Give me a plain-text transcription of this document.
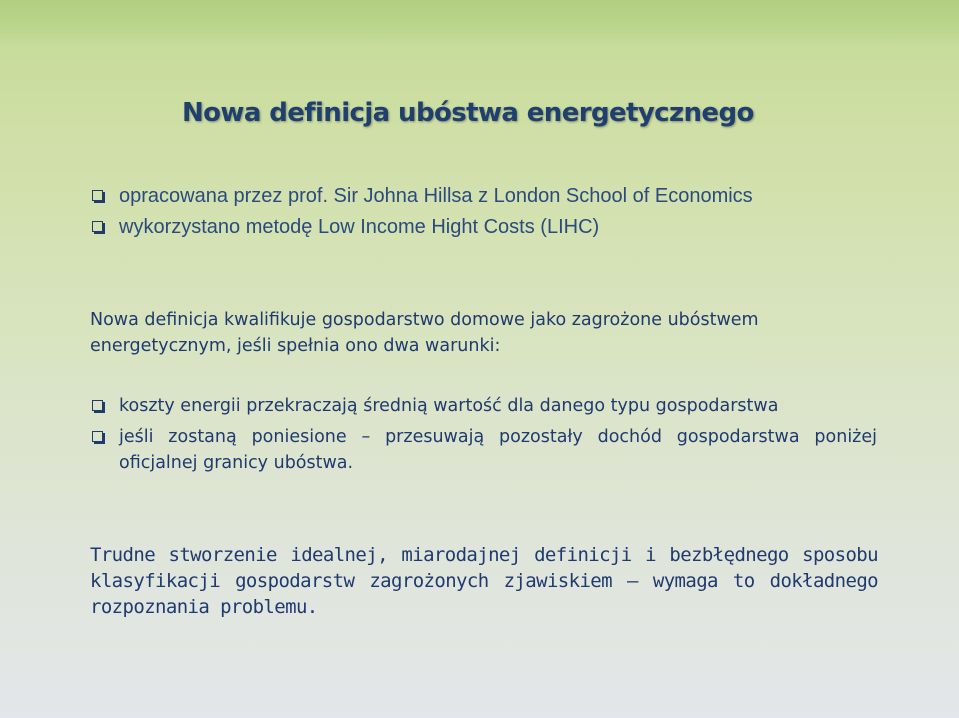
Nowa definicja ubóstwa energetycznego
opracowana przez prof. Sir Johna Hillsa z London School of Economics
wykorzystano metodę Low Income Hight Costs (LIHC)

Nowa definicja kwalifikuje gospodarstwo domowe jako zagrożone ubóstwem energetycznym, jeśli spełnia ono dwa warunki:

koszty energii przekraczają średnią wartość dla danego typu gospodarstwa
jeśli zostaną poniesione – przesuwają pozostały dochód gospodarstwa poniżej oficjalnej granicy ubóstwa.

Trudne stworzenie idealnej, miarodajnej definicji i bezbłędnego sposobu klasyfikacji gospodarstw zagrożonych zjawiskiem – wymaga to dokładnego rozpoznania problemu.
